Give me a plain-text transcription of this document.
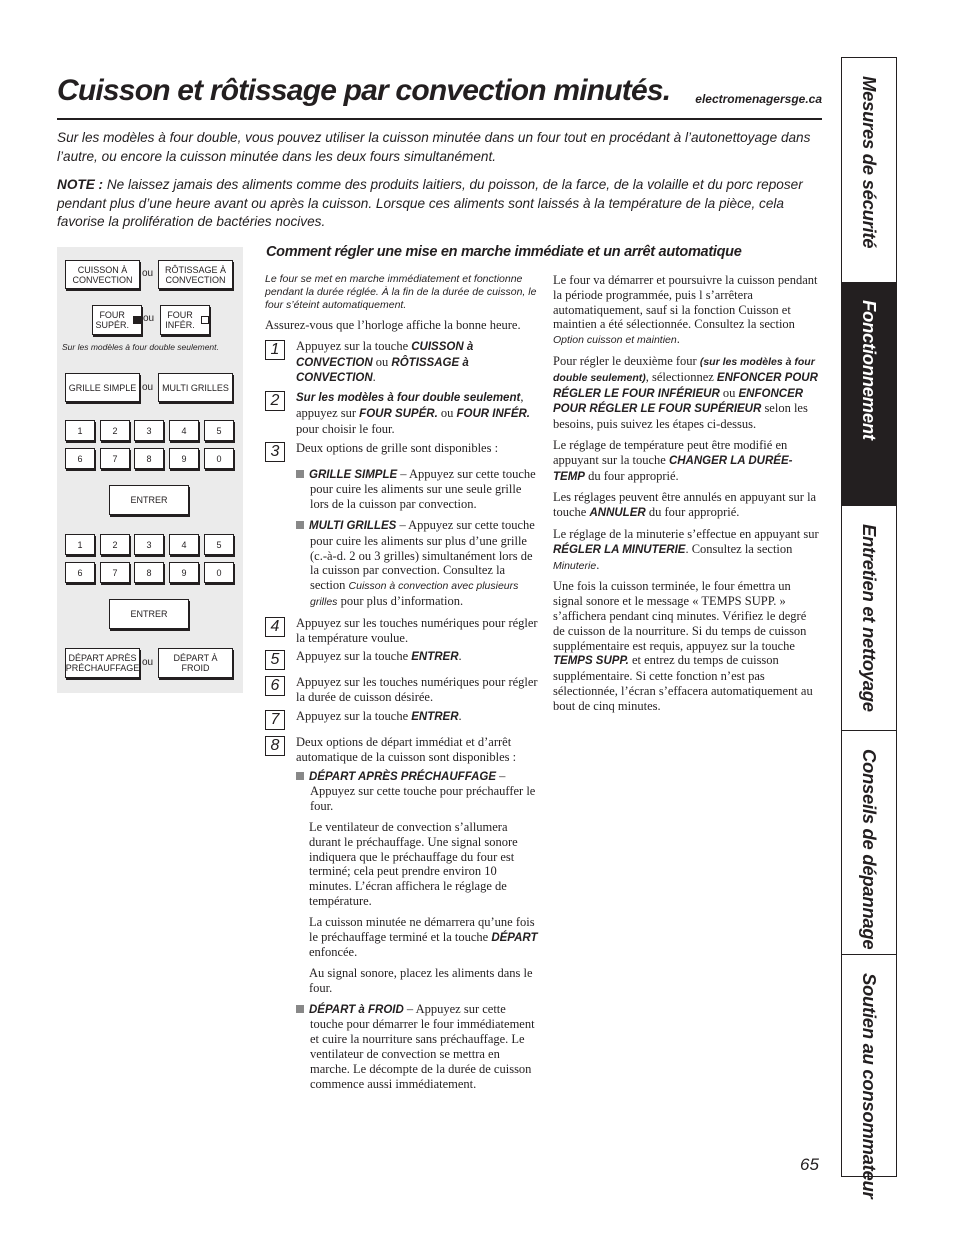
Cuisson et rôtissage par convection minutés. electromenagersge.ca

Sur les modèles à four double, vous pouvez utiliser la cuisson minutée dans un four tout en procédant à l’autonettoyage dans l’autre, ou encore la cuisson minutée dans les deux fours simultanément.

NOTE : Ne laissez jamais des aliments comme des produits laitiers, du poisson, de la farce, de la volaille et du porc reposer pendant plus d’une heure avant ou après la cuisson. Lorsque ces aliments sont laissés à la température de la pièce, cela favorise la prolifération de bactéries nocives.

CUISSON À CONVECTION
ou	RÔTISSAGE À CONVECTION
FOUR SUPÉR.
ou	FOUR INFÉR.
Sur les modèles à four double seulement.
GRILLE SIMPLE ou MULTI GRILLES
1	2	3	4	5
6	7	8	9	0
ENTRER
1	2	3	4	5
6	7	8	9	0
ENTRER
DÉPART APRÈS PRÉCHAUFFAGE ou	DÉPART À FROID
Comment régler une mise en marche immédiate et un arrêt automatique

Le four se met en marche immédiatement et fonctionne pendant la durée réglée. À la fin de la durée de cuisson, le four s’éteint automatiquement.

Assurez-vous que l’horloge affiche la bonne heure.

1	Appuyez sur la touche CUISSON à CONVECTION ou RÔTISSAGE à CONVECTION.
2	Sur les modèles à four double seulement, appuyez sur FOUR SUPÉR. ou FOUR INFÉR. pour choisir le four.
3	Deux options de grille sont disponibles :

GRILLE SIMPLE – Appuyez sur cette touche pour cuire les aliments sur une seule grille lors de la cuisson par convection.

MULTI GRILLES – Appuyez sur cette touche pour cuire les aliments sur plus d’une grille (c.-à-d. 2 ou 3 grilles) simultanément lors de la cuisson par convection. Consultez la section Cuisson à convection avec plusieurs grilles pour plus d’information.

4	Appuyez sur les touches numériques pour régler la température voulue.
5	Appuyez sur la touche ENTRER.
6	Appuyez sur les touches numériques pour régler la durée de cuisson désirée.
7	Appuyez sur la touche ENTRER.
8	Deux options de départ immédiat et d’arrêt automatique de la cuisson sont disponibles :

DÉPART APRÈS PRÉCHAUFFAGE – Appuyez sur cette touche pour préchauffer le four.

Le ventilateur de convection s’allumera durant le préchauffage. Une signal sonore indiquera que le préchauffage du four est terminé; cela peut prendre environ 10 minutes. L’écran affichera le réglage de température.

La cuisson minutée ne démarrera qu’une fois le préchauffage terminé et la touche DÉPART enfoncée.

Au signal sonore, placez les aliments dans le four.

DÉPART à FROID – Appuyez sur cette touche pour démarrer le four immédiatement et cuire la nourriture sans préchauffage. Le ventilateur de convection se mettra en marche. Le décompte de la durée de cuisson commence aussi immédiatement.

Le four va démarrer et poursuivre la cuisson pendant la période programmée, puis l s’arrêtera automatiquement, sauf si la fonction Cuisson et maintien a été sélectionnée. Consultez la section Option cuisson et maintien.

Pour régler le deuxième four (sur les modèles à four double seulement), sélectionnez ENFONCER POUR RÉGLER LE FOUR INFÉRIEUR ou ENFONCER POUR RÉGLER LE FOUR SUPÉRIEUR selon les besoins, puis suivez les étapes ci-dessus.

Le réglage de température peut être modifié en appuyant sur la touche CHANGER LA DURÉE-TEMP du four approprié.

Les réglages peuvent être annulés en appuyant sur la touche ANNULER du four approprié.

Le réglage de la minuterie s’effectue en appuyant sur RÉGLER LA MINUTERIE. Consultez la section Minuterie.

Une fois la cuisson terminée, le four émettra un signal sonore et le message « TEMPS SUPP. » s’affichera pendant cinq minutes. Vérifiez le degré de cuisson de la nourriture. Si du temps de cuisson supplémentaire est requis, appuyez sur la touche TEMPS SUPP. et entrez du temps de cuisson supplémentaire. Si cette fonction n’est pas sélectionnée, l’écran s’effacera automatiquement au bout de cinq minutes.

65
Mesures de sécurité
Fonctionnement
Entretien et nettoyage
Conseils de dépannage
Soutien au consommateur
